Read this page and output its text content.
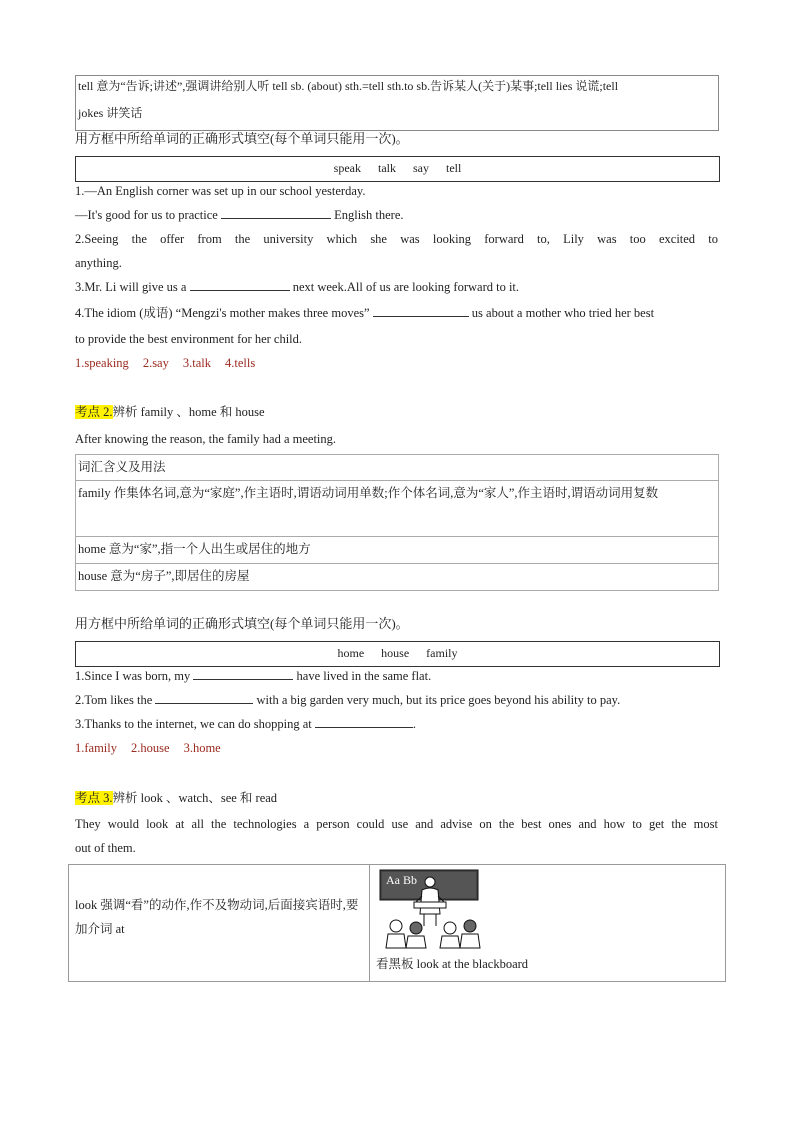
tell 意为“告诉;讲述”,强调讲给别人听 tell sb. (about) sth.=tell sth.to sb.告诉某人(关于)某事;tell lies 说谎;tell
jokes 讲笑话
用方框中所给单词的正确形式填空(每个单词只能用一次)。
speak talk say tell
1.—An English corner was set up in our school yesterday.
—It's good for us to practice	English there.
2.Seeing the offer from the university which she was looking forward to, Lily was too excited to
anything.
3.Mr. Li will give us a	next week.All of us are looking forward to it.
4.The idiom (成语) “Mengzi's mother makes three moves”	us about a mother who tried her best
to provide the best environment for her child.
1.speaking 2.say 3.talk 4.tells
考点 2.辨析 family 、home 和 house
After knowing the reason, the family had a meeting.
词汇含义及用法
family 作集体名词,意为“家庭”,作主语时,谓语动词用单数;作个体名词,意为“家人”,作主语时,谓语动词用复数
home 意为“家”,指一个人出生或居住的地方
house 意为“房子”,即居住的房屋
用方框中所给单词的正确形式填空(每个单词只能用一次)。
home house family
1.Since I was born, my	have lived in the same flat.
2.Tom likes the	with a big garden very much, but its price goes beyond his ability to pay.
3.Thanks to the internet, we can do shopping at	.
1.family 2.house 3.home
考点 3.辨析 look 、watch、see 和 read
They would look at all the technologies a person could use and advise on the best ones and how to get the most
out of them.
look 强调“看”的动作,作不及物动词,后面接宾语时,要加介词 at
Aa Bb
看黑板 look at the blackboard
